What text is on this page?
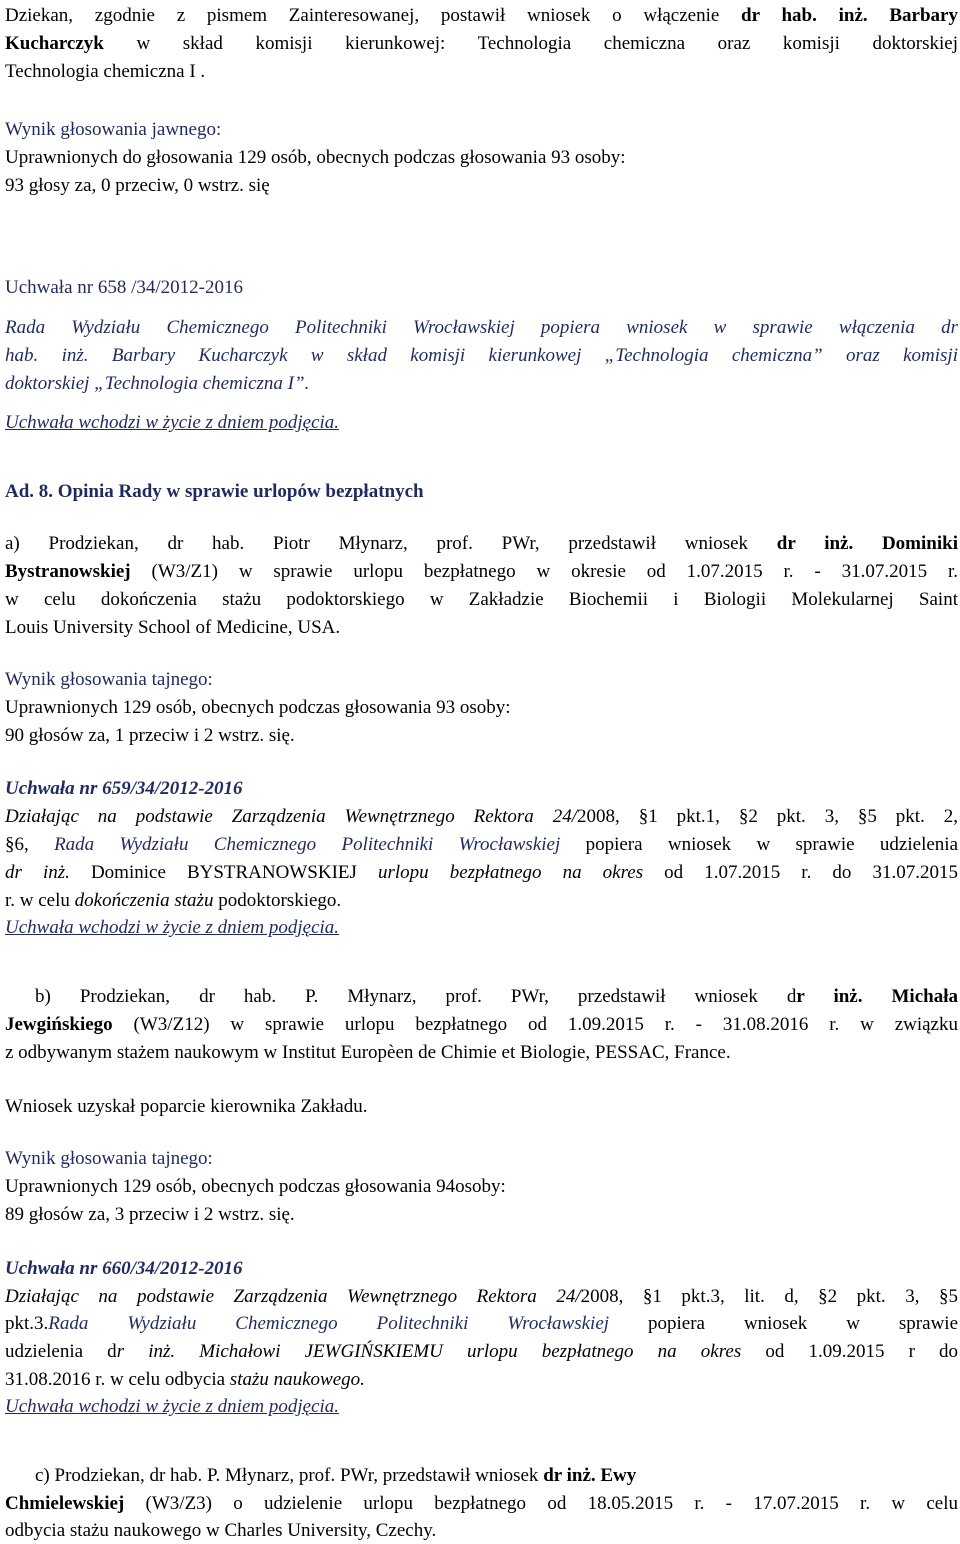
Dziekan, zgodnie z pismem Zainteresowanej, postawił wniosek o włączenie dr hab. inż. Barbary

Kucharczyk w skład komisji kierunkowej: Technologia chemiczna oraz komisji doktorskiej

Technologia chemiczna I .

Wynik głosowania jawnego:

Uprawnionych do głosowania 129 osób, obecnych podczas głosowania 93 osoby:

93 głosy za, 0 przeciw, 0 wstrz. się

Uchwała nr 658 /34/2012-2016

Rada Wydziału Chemicznego Politechniki Wrocławskiej popiera wniosek w sprawie włączenia dr

hab. inż. Barbary Kucharczyk w skład komisji kierunkowej „Technologia chemiczna” oraz komisji

doktorskiej „Technologia chemiczna I”.

Uchwała wchodzi w życie z dniem podjęcia.

Ad. 8. Opinia Rady w sprawie urlopów bezpłatnych

a) Prodziekan, dr hab. Piotr Młynarz, prof. PWr, przedstawił wniosek dr inż. Dominiki

Bystranowskiej (W3/Z1) w sprawie urlopu bezpłatnego w okresie od 1.07.2015 r. - 31.07.2015 r.

w celu dokończenia stażu podoktorskiego w Zakładzie Biochemii i Biologii Molekularnej Saint

Louis University School of Medicine, USA.

Wynik głosowania tajnego:

Uprawnionych 129 osób, obecnych podczas głosowania 93 osoby:

90 głosów za, 1 przeciw i 2 wstrz. się.

Uchwała nr 659/34/2012-2016

Działając na podstawie Zarządzenia Wewnętrznego Rektora 24/2008, §1 pkt.1, §2 pkt. 3, §5 pkt. 2,

§6, Rada Wydziału Chemicznego Politechniki Wrocławskiej popiera wniosek w sprawie udzielenia

dr inż. Dominice BYSTRANOWSKIEJ urlopu bezpłatnego na okres od 1.07.2015 r. do 31.07.2015

r. w celu dokończenia stażu podoktorskiego.

Uchwała wchodzi w życie z dniem podjęcia.

b) Prodziekan, dr hab. P. Młynarz, prof. PWr, przedstawił wniosek dr inż. Michała

Jewgińskiego (W3/Z12) w sprawie urlopu bezpłatnego od 1.09.2015 r. - 31.08.2016 r. w związku

z odbywanym stażem naukowym w Institut Europèen de Chimie et Biologie, PESSAC, France.

Wniosek uzyskał poparcie kierownika Zakładu.

Wynik głosowania tajnego:

Uprawnionych 129 osób, obecnych podczas głosowania 94osoby:

89 głosów za, 3 przeciw i 2 wstrz. się.

Uchwała nr 660/34/2012-2016

Działając na podstawie Zarządzenia Wewnętrznego Rektora 24/2008, §1 pkt.3, lit. d, §2 pkt. 3, §5

pkt.3.Rada Wydziału Chemicznego Politechniki Wrocławskiej popiera wniosek w sprawie

udzielenia dr inż. Michałowi JEWGIŃSKIEMU urlopu bezpłatnego na okres od 1.09.2015 r do

31.08.2016 r. w celu odbycia stażu naukowego.

Uchwała wchodzi w życie z dniem podjęcia.

c) Prodziekan, dr hab. P. Młynarz, prof. PWr, przedstawił wniosek dr inż. Ewy

Chmielewskiej (W3/Z3) o udzielenie urlopu bezpłatnego od 18.05.2015 r. - 17.07.2015 r. w celu

odbycia stażu naukowego w Charles University, Czechy.
